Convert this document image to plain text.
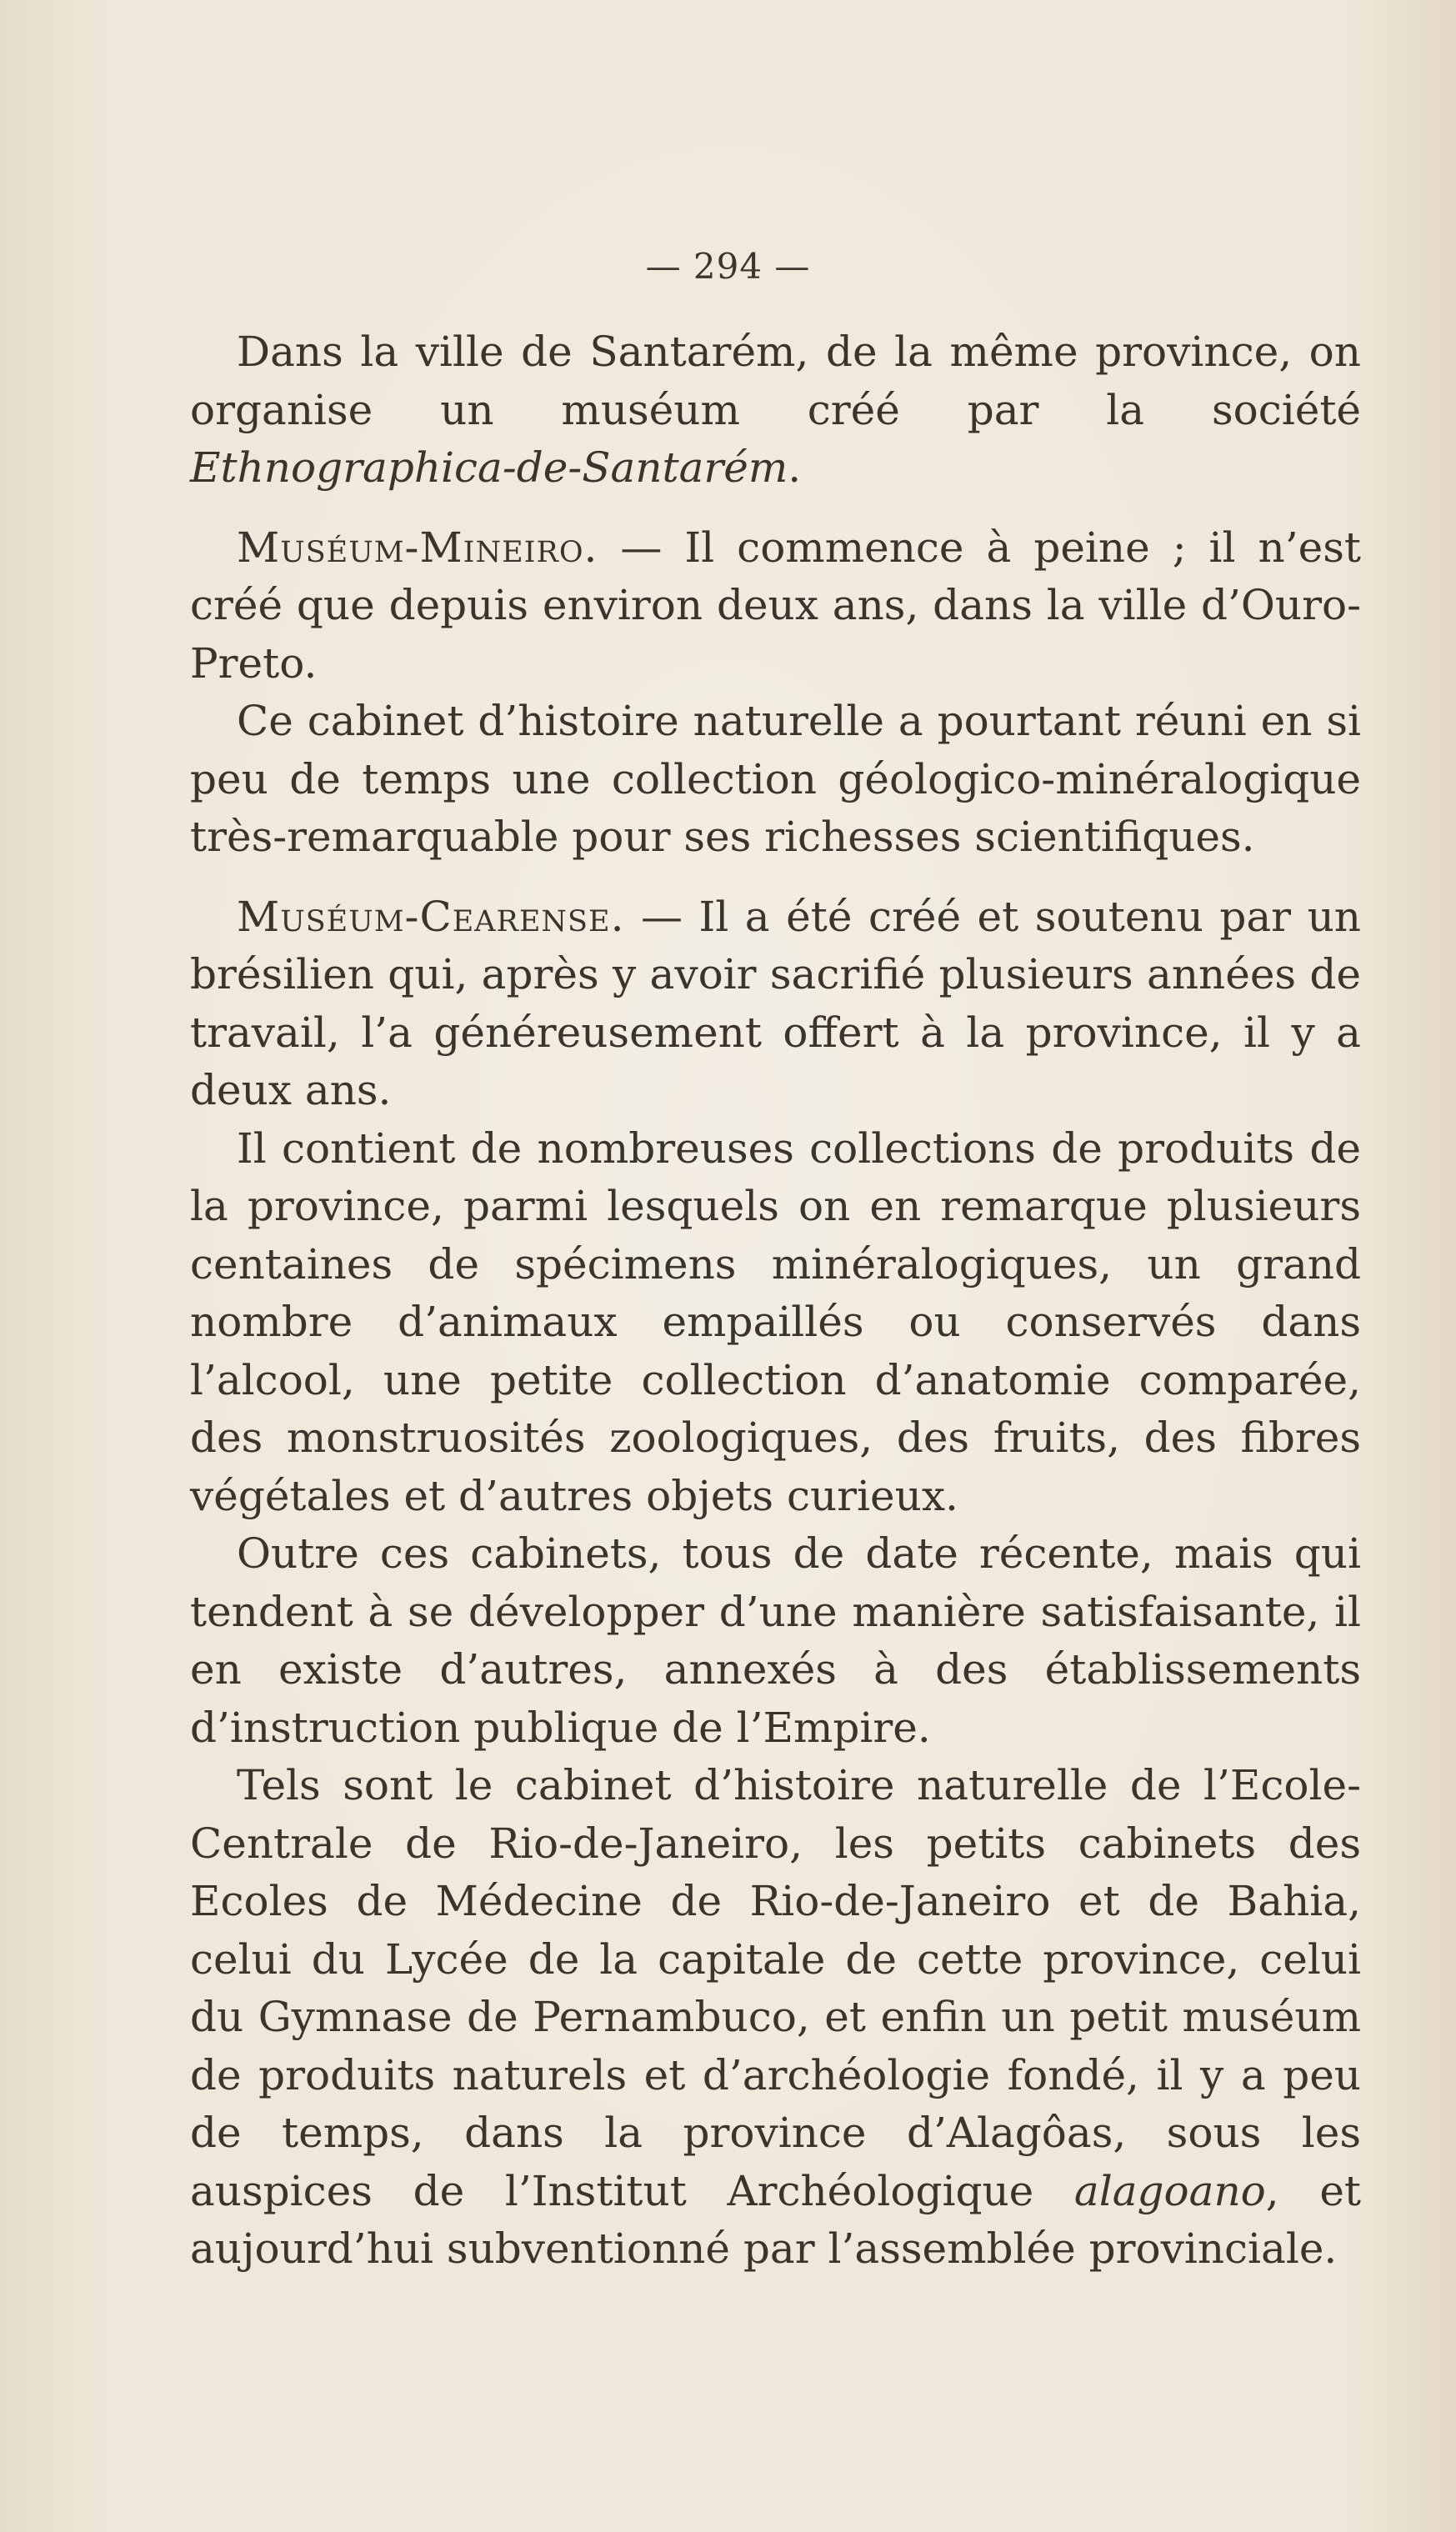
— 294 —

Dans la ville de Santarém, de la même province, on organise un muséum créé par la société Ethnographica-de-Santarém.

Muséum-Mineiro. — Il commence à peine ; il n’est créé que depuis environ deux ans, dans la ville d’Ouro-Preto.

Ce cabinet d’histoire naturelle a pourtant réuni en si peu de temps une collection géologico-minéralogique très-remarquable pour ses richesses scientifiques.

Muséum-Cearense. — Il a été créé et soutenu par un brésilien qui, après y avoir sacrifié plusieurs années de travail, l’a généreusement offert à la province, il y a deux ans.

Il contient de nombreuses collections de produits de la province, parmi lesquels on en remarque plusieurs centaines de spécimens minéralogiques, un grand nombre d’animaux empaillés ou conservés dans l’alcool, une petite collection d’anatomie comparée, des monstruosités zoologiques, des fruits, des fibres végétales et d’autres objets curieux.

Outre ces cabinets, tous de date récente, mais qui tendent à se développer d’une manière satisfaisante, il en existe d’autres, annexés à des établissements d’instruction publique de l’Empire.

Tels sont le cabinet d’histoire naturelle de l’Ecole-Centrale de Rio-de-Janeiro, les petits cabinets des Ecoles de Médecine de Rio-de-Janeiro et de Bahia, celui du Lycée de la capitale de cette province, celui du Gymnase de Pernambuco, et enfin un petit muséum de produits naturels et d’archéologie fondé, il y a peu de temps, dans la province d’Alagôas, sous les auspices de l’Institut Archéologique alagoano, et aujourd’hui subventionné par l’assemblée provinciale.
